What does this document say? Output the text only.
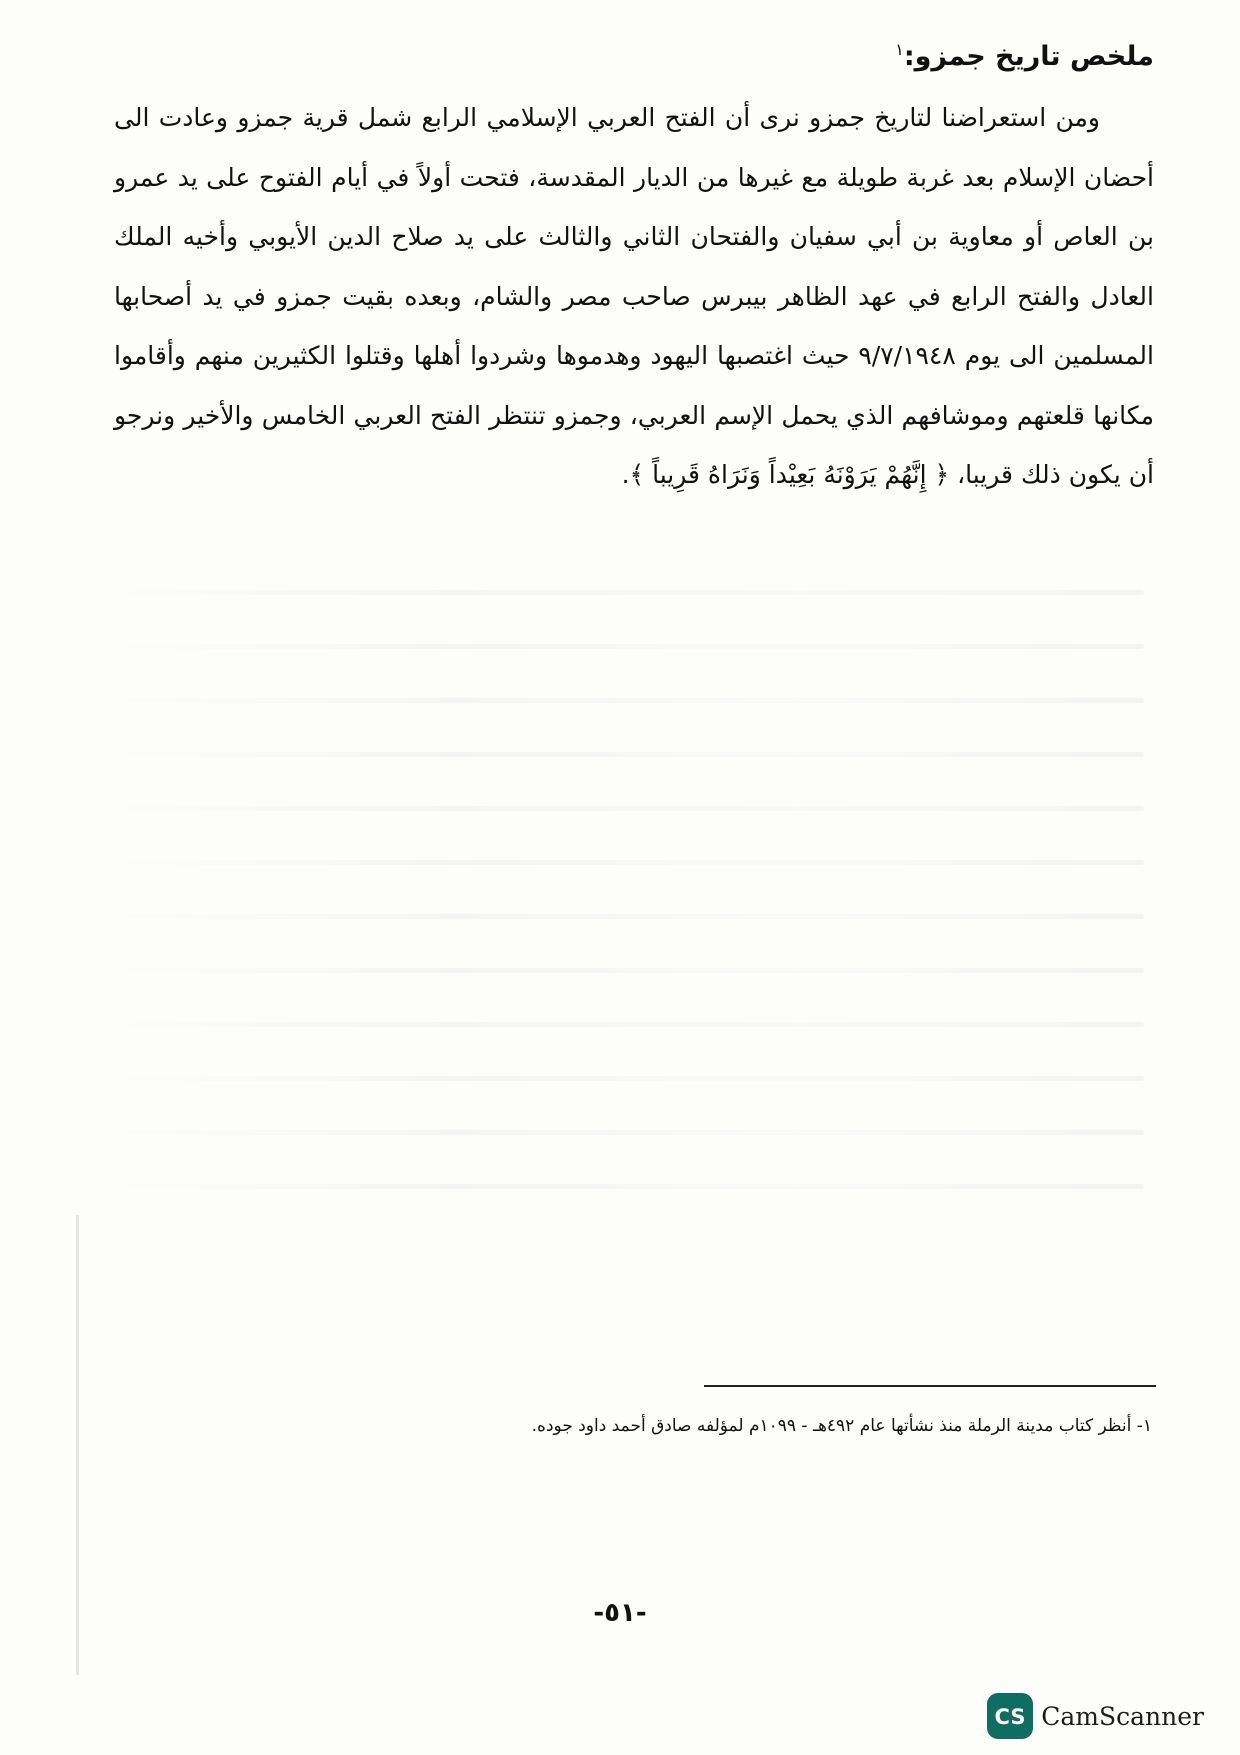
ملخص تاريخ جمزو:$^١$

ومن استعراضنا لتاريخ جمزو نرى أن الفتح العربي الإسلامي الرابع شمل قرية جمزو وعادت الى أحضان الإسلام بعد غربة طويلة مع غيرها من الديار المقدسة، فتحت أولاً في أيام الفتوح على يد عمرو بن العاص أو معاوية بن أبي سفيان والفتحان الثاني والثالث على يد صلاح الدين الأيوبي وأخيه الملك العادل والفتح الرابع في عهد الظاهر بيبرس صاحب مصر والشام، وبعده بقيت جمزو في يد أصحابها المسلمين الى يوم ٩/٧/١٩٤٨ حيث اغتصبها اليهود وهدموها وشردوا أهلها وقتلوا الكثيرين منهم وأقاموا مكانها قلعتهم وموشافهم الذي يحمل الإسم العربي، وجمزو تنتظر الفتح العربي الخامس والأخير ونرجو أن يكون ذلك قريبا، ﴿ إِنَّهُمْ يَرَوْنَهُ بَعِيْداً وَنَرَاهُ قَرِيباً ﴾.

١- أنظر كتاب مدينة الرملة منذ نشأتها عام ٤٩٢هـ - ١٠٩٩م لمؤلفه صادق أحمد داود جوده.
-٥١-
CS CamScanner
